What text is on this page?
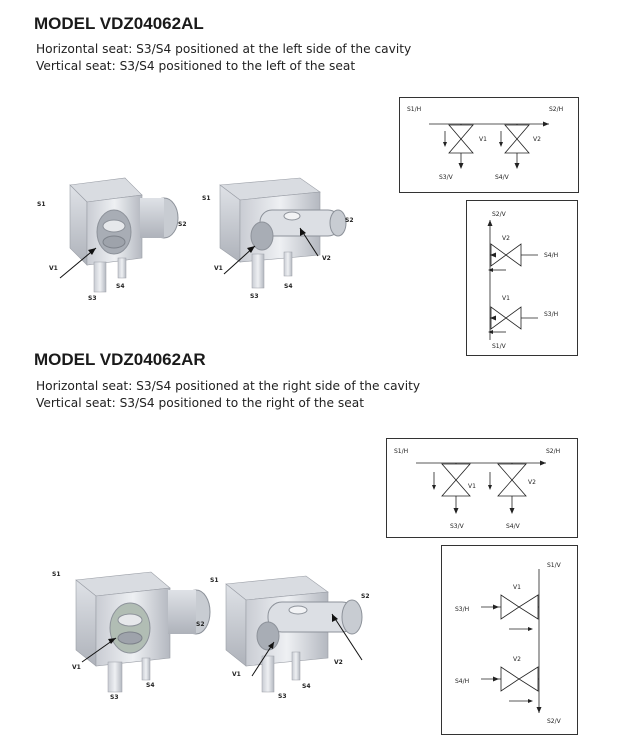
MODEL VDZ04062AL
Horizontal seat: S3/S4 positioned at the left side of the cavity
Vertical seat: S3/S4 positioned to the left of the seat
S1
S2
S3
S4
V1
S1
S2
S3
S4
V1
V2
S1/H	S2/H
S3/V	S4/V
V1	V2
S2/V
V2
S4/H
V1
S3/H
S1/V
MODEL VDZ04062AR
Horizontal seat: S3/S4 positioned at the right side of the cavity
Vertical seat: S3/S4 positioned to the right of the seat
S1
S2
S3
S4
V1
S1
S2
S3
S4
V1
V2
S1/H	S2/H
S3/V	S4/V
V1
V2
S1/V
V1
S3/H
V2
S4/H
S2/V
